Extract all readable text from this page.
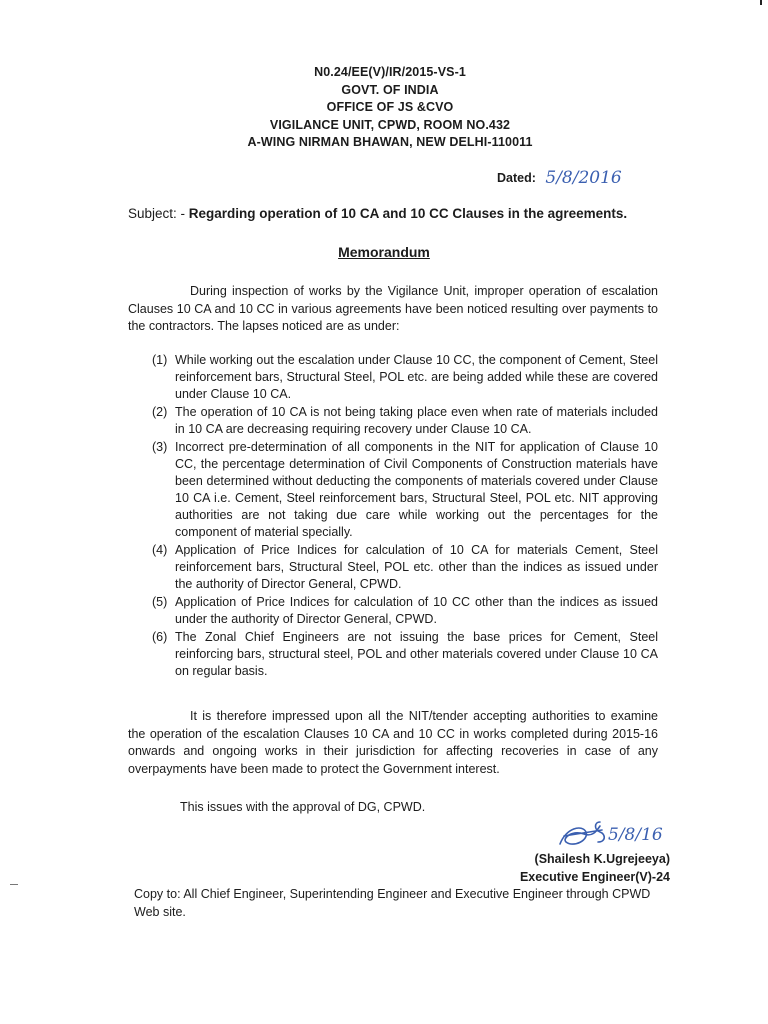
N0.24/EE(V)/IR/2015-VS-1
GOVT. OF INDIA
OFFICE OF JS &CVO
VIGILANCE UNIT, CPWD, ROOM NO.432
A-WING NIRMAN BHAWAN, NEW DELHI-110011
Dated: 5/8/2016
Subject: - Regarding operation of 10 CA and 10 CC Clauses in the agreements.
Memorandum

During inspection of works by the Vigilance Unit, improper operation of escalation Clauses 10 CA and 10 CC in various agreements have been noticed resulting over payments to the contractors. The lapses noticed are as under:

(1) While working out the escalation under Clause 10 CC, the component of Cement, Steel reinforcement bars, Structural Steel, POL etc. are being added while these are covered under Clause 10 CA.
(2) The operation of 10 CA is not being taking place even when rate of materials included in 10 CA are decreasing requiring recovery under Clause 10 CA.
(3) Incorrect pre-determination of all components in the NIT for application of Clause 10 CC, the percentage determination of Civil Components of Construction materials have been determined without deducting the components of materials covered under Clause 10 CA i.e. Cement, Steel reinforcement bars, Structural Steel, POL etc. NIT approving authorities are not taking due care while working out the percentages for the component of material specially.
(4) Application of Price Indices for calculation of 10 CA for materials Cement, Steel reinforcement bars, Structural Steel, POL etc. other than the indices as issued under the authority of Director General, CPWD.
(5) Application of Price Indices for calculation of 10 CC other than the indices as issued under the authority of Director General, CPWD.
(6) The Zonal Chief Engineers are not issuing the base prices for Cement, Steel reinforcing bars, structural steel, POL and other materials covered under Clause 10 CA on regular basis.

It is therefore impressed upon all the NIT/tender accepting authorities to examine the operation of the escalation Clauses 10 CA and 10 CC in works completed during 2015-16 onwards and ongoing works in their jurisdiction for affecting recoveries in case of any overpayments have been made to protect the Government interest.

This issues with the approval of DG, CPWD.
5/8/16
(Shailesh K.Ugrejeeya)
Executive Engineer(V)-24

Copy to: All Chief Engineer, Superintending Engineer and Executive Engineer through CPWD Web site.
